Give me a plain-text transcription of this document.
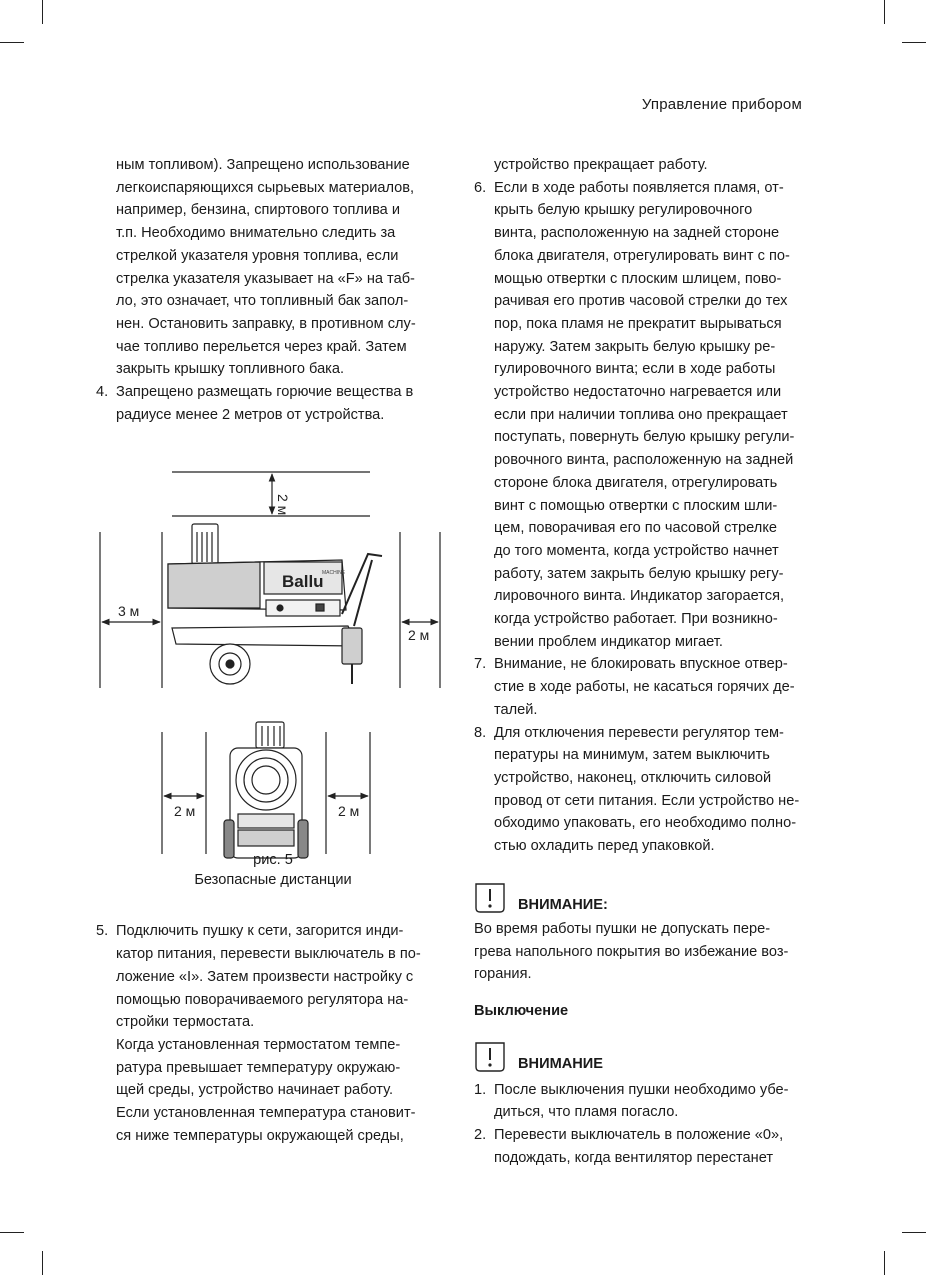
Управление прибором

ным топливом). Запрещено использование

легкоиспаряющихся сырьевых материалов,

например, бензина, спиртового топлива и

т.п. Необходимо внимательно следить за

стрелкой указателя уровня топлива, если

стрелка указателя указывает на «F» на таб-

ло, это означает, что топливный бак запол-

нен. Остановить заправку, в противном слу-

чае топливо перельется через край. Затем

закрыть крышку топливного бака.

4. Запрещено размещать горючие вещества в

радиусе менее 2 метров от устройства.

Ballu
MACHINE
2 м
3 м
2 м
2 м	2 м
рис. 5
Безопасные дистанции
5. Подключить пушку к сети, загорится инди-

катор питания, перевести выключатель в по-

ложение «I». Затем произвести настройку с

помощью поворачиваемого регулятора на-

стройки термостата.

Когда установленная термостатом темпе-

ратура превышает температуру окружаю-

щей среды, устройство начинает работу.

Если установленная температура становит-

ся ниже температуры окружающей среды,

устройство прекращает работу.

6. Если в ходе работы появляется пламя, от-

крыть белую крышку регулировочного

винта, расположенную на задней стороне

блока двигателя, отрегулировать винт с по-

мощью отвертки с плоским шлицем, пово-

рачивая его против часовой стрелки до тех

пор, пока пламя не прекратит вырываться

наружу. Затем закрыть белую крышку ре-

гулировочного винта; если в ходе работы

устройство недостаточно нагревается или

если при наличии топлива оно прекращает

поступать, повернуть белую крышку регули-

ровочного винта, расположенную на задней

стороне блока двигателя, отрегулировать

винт с помощью отвертки с плоским шли-

цем, поворачивая его по часовой стрелке

до того момента, когда устройство начнет

работу, затем закрыть белую крышку регу-

лировочного винта. Индикатор загорается,

когда устройство работает. При возникно-

вении проблем индикатор мигает.

7. Внимание, не блокировать впускное отвер-

стие в ходе работы, не касаться горячих де-

талей.

8. Для отключения перевести регулятор тем-

пературы на минимум, затем выключить

устройство, наконец, отключить силовой

провод от сети питания. Если устройство не-

обходимо упаковать, его необходимо полно-

стью охладить перед упаковкой.

ВНИМАНИЕ:

Во время работы пушки не допускать пере-

грева напольного покрытия во избежание воз-

горания.

Выключение

ВНИМАНИЕ
1. После выключения пушки необходимо убе-

диться, что пламя погасло.

2. Перевести выключатель в положение «0»,

подождать, когда вентилятор перестанет
